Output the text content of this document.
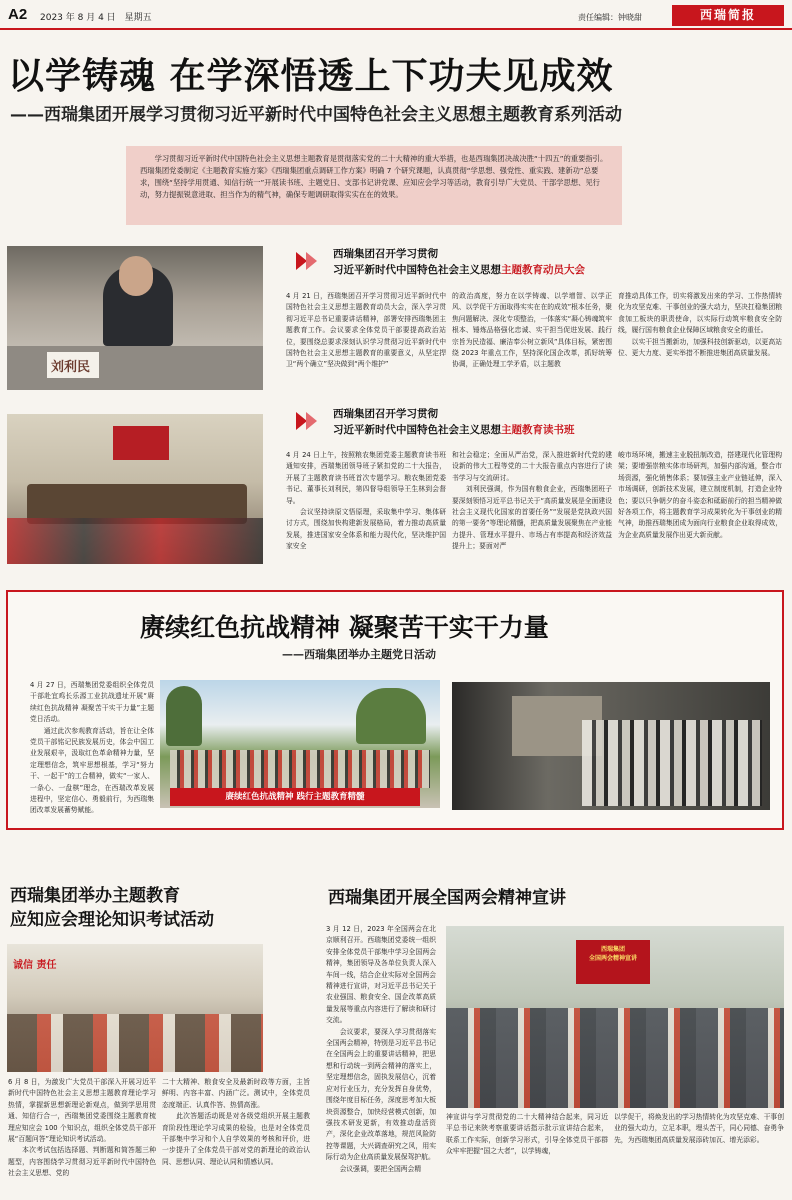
A2 2023 年 8 月 4 日　星期五	责任编辑：钟晓甜	西瑞简报
以学铸魂 在学深悟透上下功夫见成效
——西瑞集团开展学习贯彻习近平新时代中国特色社会主义思想主题教育系列活动
学习贯彻习近平新时代中国特色社会主义思想主题教育是贯彻落实党的二十大精神的重大举措，也是西瑞集团决战决胜“十四五”的重要指引。西瑞集团党委制定《主题教育实施方案》《西瑞集团重点调研工作方案》明确 7 个研究课题，认真贯彻“学思想、强党性、重实践、建新功”总要求，围绕“坚持学用贯通、知信行统一”开展读书班、主题党日、支部书记讲党课、应知应会学习等活动，教育引导广大党员、干部学思想、见行动，努力提振锐意进取、担当作为的精气神，确保专题调研取得实实在在的效果。
刘利民
西瑞集团召开学习贯彻
习近平新时代中国特色社会主义思想主题教育动员大会
4 月 21 日，西瑞集团召开学习贯彻习近平新时代中国特色社会主义思想主题教育动员大会，深入学习贯彻习近平总书记重要讲话精神，部署安排西瑞集团主题教育工作。会议要求全体党员干部要提高政治站位，要围绕总要求深刻认识学习贯彻习近平新时代中国特色社会主义思想主题教育的重要意义，从坚定捍卫“两个确立”坚决做到“两个维护”
的政治高度，努力在以学铸魂、以学增智、以学正风、以学促干方面取得实实在在的成效”根本任务，聚焦问题解决、深化专项整治，一体落实“凝心铸魂筑牢根本、锤炼品格强化忠诚、实干担当促进发展、践行宗旨为民造福、廉洁奉公树立新风”具体目标，紧密围绕 2023 年重点工作，坚持深化国企改革，抓好统筹协调，正确处理工学矛盾，以主题教
育推动具体工作，切实将激发出来的学习、工作热情转化为攻坚克难、干事创业的强大动力，坚决扛稳集团粮食加工板块的职责使命，以实际行动筑牢粮食安全防线，履行国有粮食企业保障区域粮食安全的重任。
　　以实干担当搬新功，加强科技创新驱动，以更高站位、更大力度、更实举措不断推进集团高质量发展。
西瑞集团召开学习贯彻
习近平新时代中国特色社会主义思想主题教育读书班
4 月 24 日上午，按照粮农集团党委主题教育读书班通知安排，西瑞集团领导班子紧扣党的二十大报告，开展了主题教育读书班首次专题学习。粮农集团党委书记、董事长刘利民，第四督导组领导王生林到会督导。
　　会议坚持读原文悟原理，采取集中学习、集体研讨方式，围绕加快构建新发展格局，着力推动高质量发展，推进国家安全体系和能力现代化，坚决维护国家安全
和社会稳定；全面从严治党，深入推进新时代党的建设新的伟大工程等党的二十大报告重点内容进行了读书学习与交流研讨。
　　刘利民强调，作为国有粮食企业，西瑞集团班子要深刻领悟习近平总书记关于“高质量发展是全面建设社会主义现代化国家的首要任务”“发展是党执政兴国的第一要务”等理论精髓，把高质量发展聚焦在产业能力提升、管理水平提升、市场占有率提高和经济效益提升上；要面对严
峻市场环境，搬速主业脱扭制改造，搭建现代化管理构架；要增强崇粮实体市场研判，加强内部沟通，整合市场资源，强化销售体系；要加强主业产业链延伸，深入市场调研，创新技术发展，建立制度机制，打造企业特色；要以只争朝夕的奋斗姿态和砥砺前行的担当精神做好各项工作，将主题教育学习成果转化为干事创业的精气神，助推西瑞集团成为面向行业粮食企业取得成效，为企业高质量发展作出更大新贡献。
赓续红色抗战精神 凝聚苦干实干力量
——西瑞集团举办主题党日活动
4 月 27 日，西瑞集团党委组织全体党员干部赴宜鸡长乐源工业抗战遗址开展“赓续红色抗战精神 凝聚苦干实干力量”主题党日活动。
　　通过此次参观教育活动，旨在让全体党员干部铭记民族发展历史，体会中国工业发展艰辛，汲取红色革命精神力量，坚定理想信念，筑牢思想根基，学习“努力干、一起干”的工合精神，做实“一家人、一条心、一盘棋”理念，在西瑞改革发展进程中，坚定信心、勇毅前行，为西瑞集团改革发展蓄势赋能。
赓续红色抗战精神 践行主题教育精髓
西瑞集团举办主题教育
应知应会理论知识考试活动
诚信 责任
6 月 8 日，为激发广大党员干部深入开展习近平新时代中国特色社会主义思想主题教育理论学习热情，掌握新思想新理论新观点，做到学思用贯通、知信行合一，西瑞集团党委围绕主题教育梳理应知应会 100 个知识点，组织全体党员干部开展“百题问答”理论知识考试活动。
　　本次考试包括选择题、判断题和简答题三种题型，内容围绕学习贯彻习近平新时代中国特色社会主义思想、党的
二十大精神、粮食安全及最新时政等方面，主旨鲜明、内容丰富、内涵广泛。测试中，全体党员态度端正、认真作答、热情高涨。
　　此次答题活动既是对各级党组织开展主题教育阶段性理论学习成果的检验，也是对全体党员干部集中学习和个人自学效果的考核和评价，进一步提升了全体党员干部对党的新理论的政治认同、思想认同、理论认同和情感认同。
西瑞集团开展全国两会精神宣讲
3 月 12 日，2023 年全国两会在北京顺利召开。西瑞集团党委统一组织安排全体党员干部集中学习全国两会精神，集团领导及各单位负责人深入车间一线，结合企业实际对全国两会精神进行宣讲，对习近平总书记关于农业强国、粮食安全、国企改革高质量发展等重点内容进行了解读和研讨交流。
　　会议要求，要深入学习贯彻落实全国两会精神，特别是习近平总书记在全国两会上的重要讲话精神，把思想和行动统一到两会精神的落实上，坚定理想信念，固执发展信心，沉着应对行业压力，充分发挥自身优势，围绕年度目标任务，深度思考加大板块资源整合，加快经营模式创新，加强技术研发更新，有效推动盘活资产，深化企业改革落地，规范风险防控等课题，大兴调查研究之风，用实际行动为企业高质量发展保驾护航。
　　会议强调，要把全国两会精
西瑞集团
全国两会精神宣讲
神宣讲与学习贯彻党的二十大精神结合起来，同习近平总书记来陕考察重要讲话指示批示宣讲结合起来，联系工作实际，创新学习形式，引导全体党员干部群众牢牢把握“国之大者”，以学铸魂，
以学促干，将焕发出的学习热情转化为攻坚克难、干事创业的强大动力，立足本职，埋头苦干，同心同德、奋勇争先，为西瑞集团高质量发展添砖加瓦、增光添彩。
